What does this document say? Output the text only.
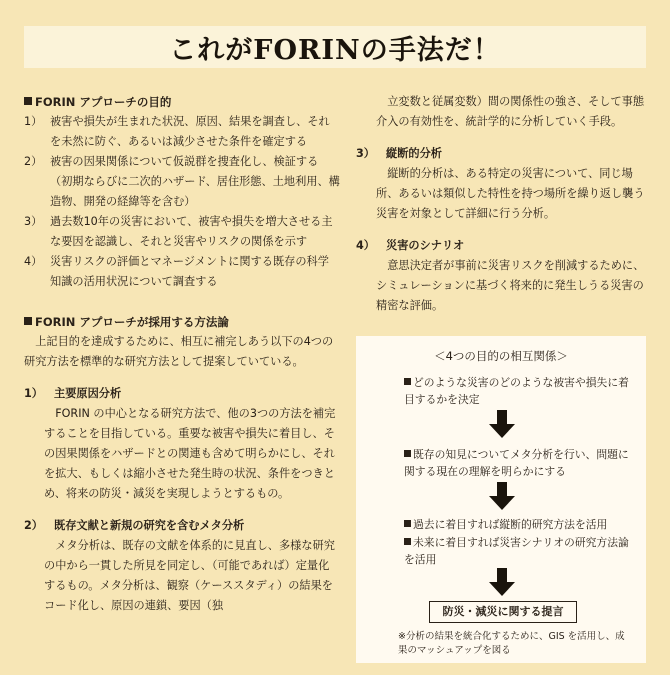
これがFORINの手法だ！
FORIN アプローチの目的
1） 被害や損失が生まれた状況、原因、結果を調査し、それを未然に防ぐ、あるいは減少させた条件を確定する
2） 被害の因果関係について仮説群を捜査化し、検証する（初期ならびに二次的ハザード、居住形態、土地利用、構造物、開発の経緯等を含む）
3） 過去数10年の災害において、被害や損失を増大させる主な要因を認識し、それと災害やリスクの関係を示す
4） 災害リスクの評価とマネージメントに関する既存の科学知識の活用状況について調査する
FORIN アプローチが採用する方法論
上記目的を達成するために、相互に補完しあう以下の4つの研究方法を標準的な研究方法として提案していている。
1） 主要原因分析
FORIN の中心となる研究方法で、他の3つの方法を補完することを目指している。重要な被害や損失に着目し、その因果関係をハザードとの関連も含めて明らかにし、それを拡大、もしくは縮小させた発生時の状況、条件をつきとめ、将来の防災・減災を実現しようとするもの。
2） 既存文献と新規の研究を含むメタ分析
メタ分析は、既存の文献を体系的に見直し、多様な研究の中から一貫した所見を同定し、（可能であれば）定量化するもの。メタ分析は、観察（ケーススタディ）の結果をコード化し、原因の連鎖、要因（独
立変数と従属変数）間の関係性の強さ、そして事態介入の有効性を、統計学的に分析していく手段。
3） 縦断的分析
縦断的分析は、ある特定の災害について、同じ場所、あるいは類似した特性を持つ場所を繰り返し襲う災害を対象として詳細に行う分析。
4） 災害のシナリオ
意思決定者が事前に災害リスクを削減するために、シミュレーションに基づく将来的に発生しうる災害の精密な評価。
＜4つの目的の相互関係＞
どのような災害のどのような被害や損失に着目するかを決定
既存の知見についてメタ分析を行い、問題に関する現在の理解を明らかにする
過去に着目すれば縦断的研究方法を活用
未来に着目すれば災害シナリオの研究方法論を活用
防災・減災に関する提言
※分析の結果を統合化するために、GIS を活用し、成果のマッシュアップを図る
